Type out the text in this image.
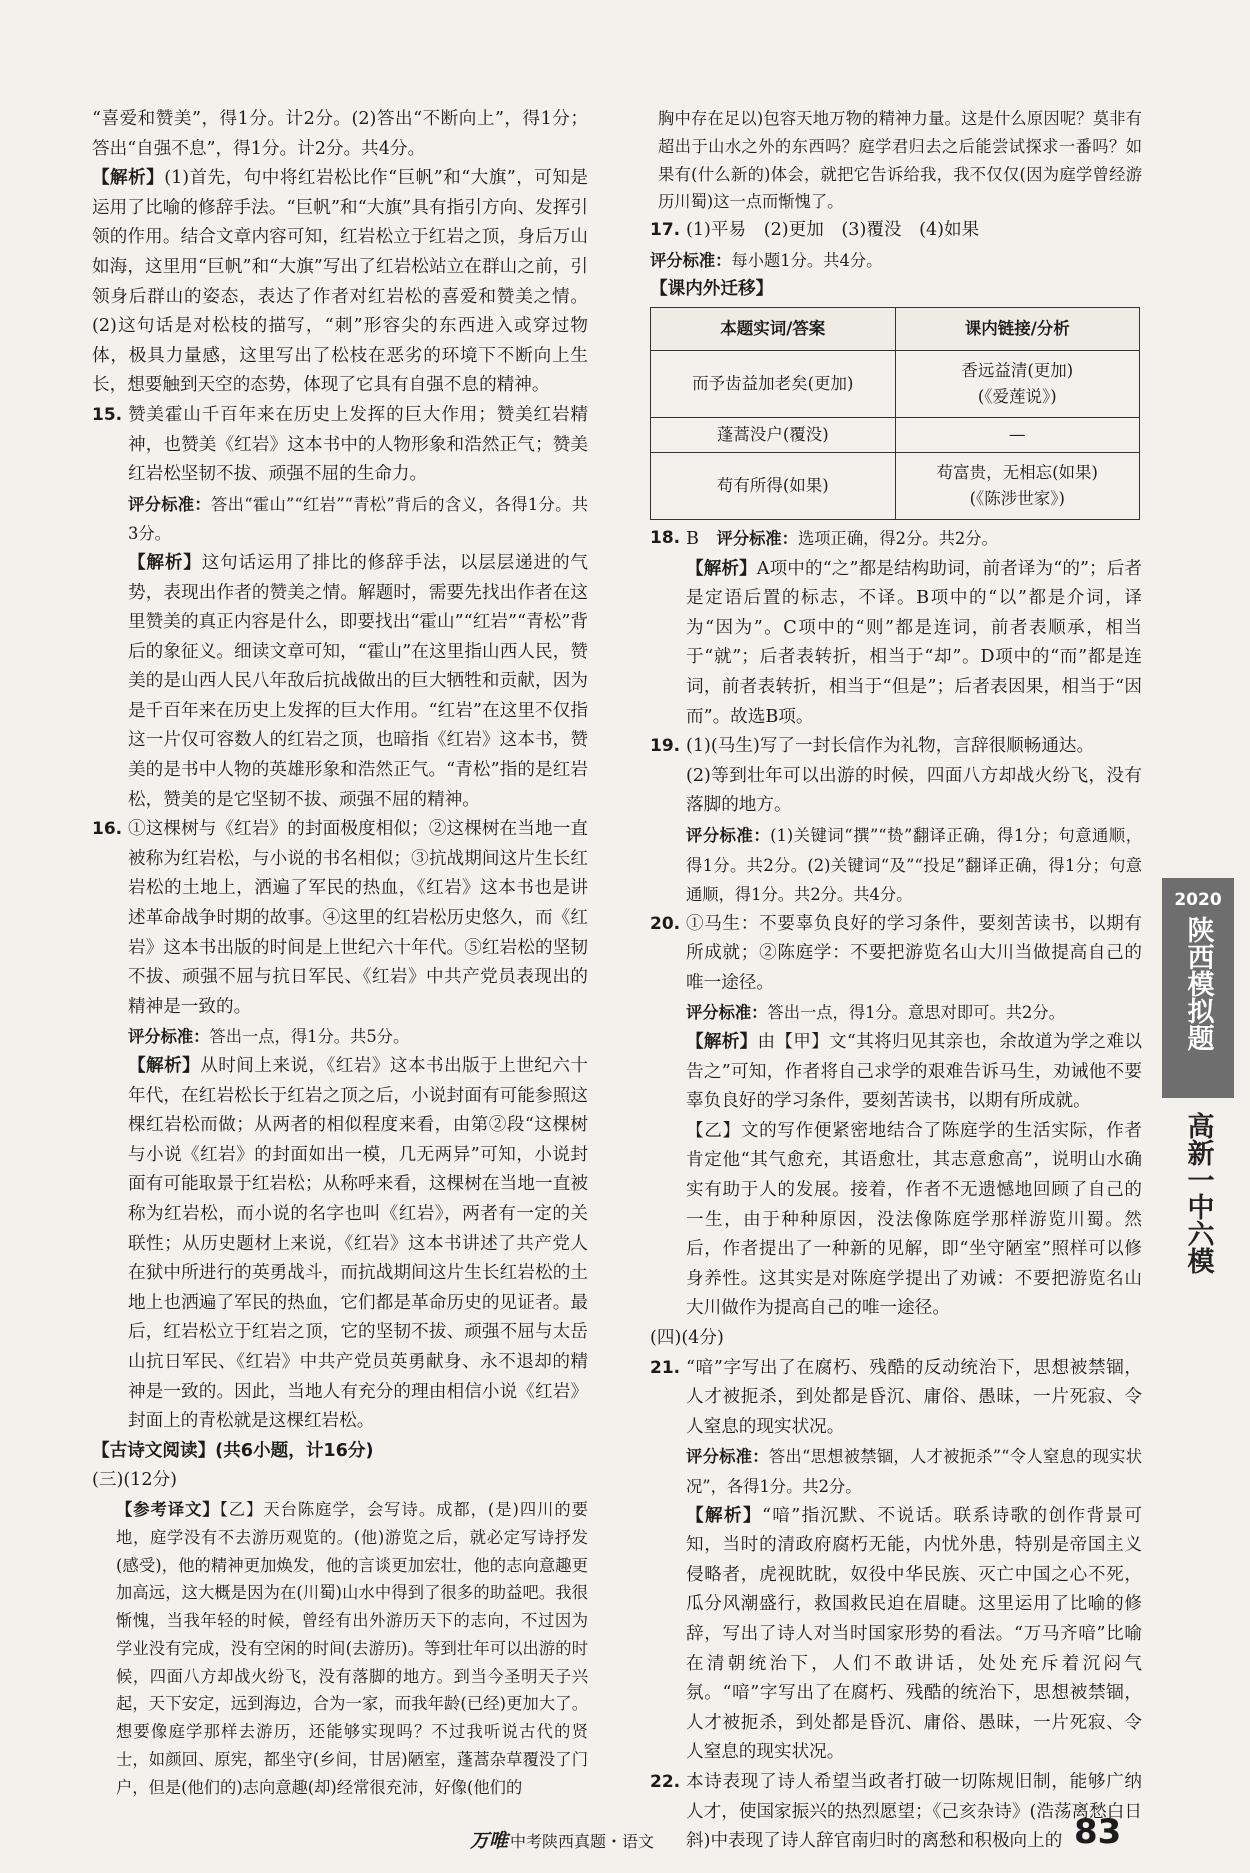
“喜爱和赞美”，得1分。计2分。(2)答出“不断向上”，得1分；答出“自强不息”，得1分。计2分。共4分。

【解析】(1)首先，句中将红岩松比作“巨帆”和“大旗”，可知是运用了比喻的修辞手法。“巨帆”和“大旗”具有指引方向、发挥引领的作用。结合文章内容可知，红岩松立于红岩之顶，身后万山如海，这里用“巨帆”和“大旗”写出了红岩松站立在群山之前，引领身后群山的姿态，表达了作者对红岩松的喜爱和赞美之情。(2)这句话是对松枝的描写，“刺”形容尖的东西进入或穿过物体，极具力量感，这里写出了松枝在恶劣的环境下不断向上生长，想要触到天空的态势，体现了它具有自强不息的精神。

15. 赞美霍山千百年来在历史上发挥的巨大作用；赞美红岩精神，也赞美《红岩》这本书中的人物形象和浩然正气；赞美红岩松坚韧不拔、顽强不屈的生命力。

评分标准：答出“霍山”“红岩”“青松”背后的含义，各得1分。共3分。

【解析】这句话运用了排比的修辞手法，以层层递进的气势，表现出作者的赞美之情。解题时，需要先找出作者在这里赞美的真正内容是什么，即要找出“霍山”“红岩”“青松”背后的象征义。细读文章可知，“霍山”在这里指山西人民，赞美的是山西人民八年敌后抗战做出的巨大牺牲和贡献，因为是千百年来在历史上发挥的巨大作用。“红岩”在这里不仅指这一片仅可容数人的红岩之顶，也暗指《红岩》这本书，赞美的是书中人物的英雄形象和浩然正气。“青松”指的是红岩松，赞美的是它坚韧不拔、顽强不屈的精神。

16. ①这棵树与《红岩》的封面极度相似；②这棵树在当地一直被称为红岩松，与小说的书名相似；③抗战期间这片生长红岩松的土地上，洒遍了军民的热血，《红岩》这本书也是讲述革命战争时期的故事。④这里的红岩松历史悠久，而《红岩》这本书出版的时间是上世纪六十年代。⑤红岩松的坚韧不拔、顽强不屈与抗日军民、《红岩》中共产党员表现出的精神是一致的。

评分标准：答出一点，得1分。共5分。

【解析】从时间上来说，《红岩》这本书出版于上世纪六十年代，在红岩松长于红岩之顶之后，小说封面有可能参照这棵红岩松而做；从两者的相似程度来看，由第②段“这棵树与小说《红岩》的封面如出一模，几无两异”可知，小说封面有可能取景于红岩松；从称呼来看，这棵树在当地一直被称为红岩松，而小说的名字也叫《红岩》，两者有一定的关联性；从历史题材上来说，《红岩》这本书讲述了共产党人在狱中所进行的英勇战斗，而抗战期间这片生长红岩松的土地上也洒遍了军民的热血，它们都是革命历史的见证者。最后，红岩松立于红岩之顶，它的坚韧不拔、顽强不屈与太岳山抗日军民、《红岩》中共产党员英勇献身、永不退却的精神是一致的。因此，当地人有充分的理由相信小说《红岩》封面上的青松就是这棵红岩松。

【古诗文阅读】(共6小题，计16分)

(三)(12分)

【参考译文】【乙】天台陈庭学，会写诗。成都，(是)四川的要地，庭学没有不去游历观览的。(他)游览之后，就必定写诗抒发(感受)，他的精神更加焕发，他的言谈更加宏壮，他的志向意趣更加高远，这大概是因为在(川蜀)山水中得到了很多的助益吧。我很惭愧，当我年轻的时候，曾经有出外游历天下的志向，不过因为学业没有完成，没有空闲的时间(去游历)。等到壮年可以出游的时候，四面八方却战火纷飞，没有落脚的地方。到当今圣明天子兴起，天下安定，远到海边，合为一家，而我年龄(已经)更加大了。想要像庭学那样去游历，还能够实现吗？不过我听说古代的贤士，如颜回、原宪，都坐守(乡间，甘居)陋室，蓬蒿杂草覆没了门户，但是(他们的)志向意趣(却)经常很充沛，好像(他们的

胸中存在足以)包容天地万物的精神力量。这是什么原因呢？莫非有超出于山水之外的东西吗？庭学君归去之后能尝试探求一番吗？如果有(什么新的)体会，就把它告诉给我，我不仅仅(因为庭学曾经游历川蜀)这一点而惭愧了。

17. (1)平易　(2)更加　(3)覆没　(4)如果

评分标准：每小题1分。共4分。

【课内外迁移】

本题实词/答案	课内链接/分析
而予齿益加老矣(更加)	香远益清(更加)
(《爱莲说》)

蓬蒿没户(覆没)	—
苟有所得(如果)	苟富贵，无相忘(如果)
(《陈涉世家》)
18. B　 评分标准：选项正确，得2分。共2分。

【解析】A项中的“之”都是结构助词，前者译为“的”；后者是定语后置的标志，不译。B项中的“以”都是介词，译为“因为”。C项中的“则”都是连词，前者表顺承，相当于“就”；后者表转折，相当于“却”。D项中的“而”都是连词，前者表转折，相当于“但是”；后者表因果，相当于“因而”。故选B项。

19. (1)(马生)写了一封长信作为礼物，言辞很顺畅通达。

(2)等到壮年可以出游的时候，四面八方却战火纷飞，没有落脚的地方。

评分标准：(1)关键词“撰”“贽”翻译正确，得1分；句意通顺，得1分。共2分。(2)关键词“及”“投足”翻译正确，得1分；句意通顺，得1分。共2分。共4分。

20. ①马生：不要辜负良好的学习条件，要刻苦读书，以期有所成就；②陈庭学：不要把游览名山大川当做提高自己的唯一途径。

评分标准：答出一点，得1分。意思对即可。共2分。

【解析】由【甲】文“其将归见其亲也，余故道为学之难以告之”可知，作者将自己求学的艰难告诉马生，劝诫他不要辜负良好的学习条件，要刻苦读书，以期有所成就。

【乙】文的写作便紧密地结合了陈庭学的生活实际，作者肯定他“其气愈充，其语愈壮，其志意愈高”，说明山水确实有助于人的发展。接着，作者不无遗憾地回顾了自己的一生，由于种种原因，没法像陈庭学那样游览川蜀。然后，作者提出了一种新的见解，即“坐守陋室”照样可以修身养性。这其实是对陈庭学提出了劝诫：不要把游览名山大川做作为提高自己的唯一途径。

(四)(4分)

21. “喑”字写出了在腐朽、残酷的反动统治下，思想被禁锢，人才被扼杀，到处都是昏沉、庸俗、愚昧，一片死寂、令人窒息的现实状况。

评分标准：答出“思想被禁锢，人才被扼杀”“令人窒息的现实状况”，各得1分。共2分。

【解析】“喑”指沉默、不说话。联系诗歌的创作背景可知，当时的清政府腐朽无能，内忧外患，特别是帝国主义侵略者，虎视眈眈，奴役中华民族、灭亡中国之心不死，瓜分风潮盛行，救国救民迫在眉睫。这里运用了比喻的修辞，写出了诗人对当时国家形势的看法。“万马齐喑”比喻在清朝统治下，人们不敢讲话，处处充斥着沉闷气氛。“喑”字写出了在腐朽、残酷的统治下，思想被禁锢，人才被扼杀，到处都是昏沉、庸俗、愚昧，一片死寂、令人窒息的现实状况。

22. 本诗表现了诗人希望当政者打破一切陈规旧制，能够广纳人才，使国家振兴的热烈愿望；《己亥杂诗》(浩荡离愁白日斜)中表现了诗人辞官南归时的离愁和积极向上的

2020
陕西模拟题
高新一中六模
万唯 中考陕西真题・语文	83
